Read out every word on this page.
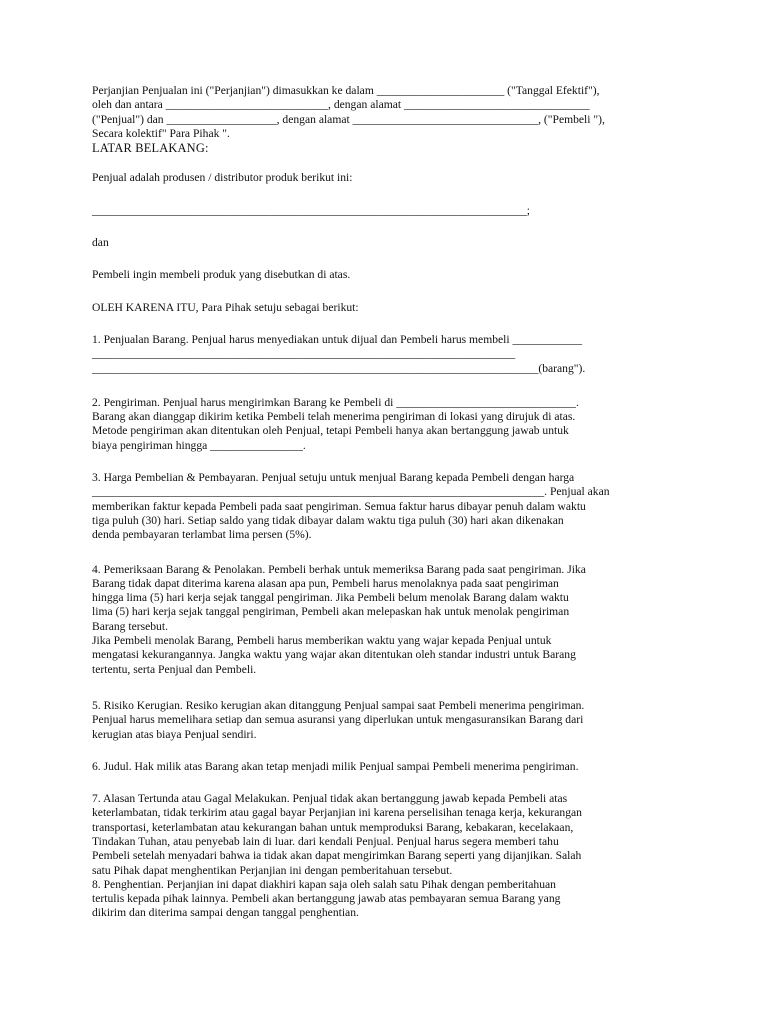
Perjanjian Penjualan ini ("Perjanjian") dimasukkan ke dalam ______________________ ("Tanggal Efektif"),
oleh dan antara ____________________________, dengan alamat ________________________________
("Penjual") dan ___________________, dengan alamat ________________________________, ("Pembeli "),
Secara kolektif" Para Pihak ".
LATAR BELAKANG:
Penjual adalah produsen / distributor produk berikut ini:
___________________________________________________________________________;
dan
Pembeli ingin membeli produk yang disebutkan di atas.
OLEH KARENA ITU, Para Pihak setuju sebagai berikut:
1. Penjualan Barang. Penjual harus menyediakan untuk dijual dan Pembeli harus membeli ____________
_________________________________________________________________________
_____________________________________________________________________________(barang").
2. Pengiriman. Penjual harus mengirimkan Barang ke Pembeli di _______________________________.
Barang akan dianggap dikirim ketika Pembeli telah menerima pengiriman di lokasi yang dirujuk di atas.
Metode pengiriman akan ditentukan oleh Penjual, tetapi Pembeli hanya akan bertanggung jawab untuk
biaya pengiriman hingga ________________.
3. Harga Pembelian & Pembayaran. Penjual setuju untuk menjual Barang kepada Pembeli dengan harga
______________________________________________________________________________. Penjual akan
memberikan faktur kepada Pembeli pada saat pengiriman. Semua faktur harus dibayar penuh dalam waktu
tiga puluh (30) hari. Setiap saldo yang tidak dibayar dalam waktu tiga puluh (30) hari akan dikenakan
denda pembayaran terlambat lima persen (5%).
4. Pemeriksaan Barang & Penolakan. Pembeli berhak untuk memeriksa Barang pada saat pengiriman. Jika
Barang tidak dapat diterima karena alasan apa pun, Pembeli harus menolaknya pada saat pengiriman
hingga lima (5) hari kerja sejak tanggal pengiriman. Jika Pembeli belum menolak Barang dalam waktu
lima (5) hari kerja sejak tanggal pengiriman, Pembeli akan melepaskan hak untuk menolak pengiriman
Barang tersebut.
Jika Pembeli menolak Barang, Pembeli harus memberikan waktu yang wajar kepada Penjual untuk
mengatasi kekurangannya. Jangka waktu yang wajar akan ditentukan oleh standar industri untuk Barang
tertentu, serta Penjual dan Pembeli.
5. Risiko Kerugian. Resiko kerugian akan ditanggung Penjual sampai saat Pembeli menerima pengiriman.
Penjual harus memelihara setiap dan semua asuransi yang diperlukan untuk mengasuransikan Barang dari
kerugian atas biaya Penjual sendiri.
6. Judul. Hak milik atas Barang akan tetap menjadi milik Penjual sampai Pembeli menerima pengiriman.
7. Alasan Tertunda atau Gagal Melakukan. Penjual tidak akan bertanggung jawab kepada Pembeli atas
keterlambatan, tidak terkirim atau gagal bayar Perjanjian ini karena perselisihan tenaga kerja, kekurangan
transportasi, keterlambatan atau kekurangan bahan untuk memproduksi Barang, kebakaran, kecelakaan,
Tindakan Tuhan, atau penyebab lain di luar. dari kendali Penjual. Penjual harus segera memberi tahu
Pembeli setelah menyadari bahwa ia tidak akan dapat mengirimkan Barang seperti yang dijanjikan. Salah
satu Pihak dapat menghentikan Perjanjian ini dengan pemberitahuan tersebut.
8. Penghentian. Perjanjian ini dapat diakhiri kapan saja oleh salah satu Pihak dengan pemberitahuan
tertulis kepada pihak lainnya. Pembeli akan bertanggung jawab atas pembayaran semua Barang yang
dikirim dan diterima sampai dengan tanggal penghentian.
